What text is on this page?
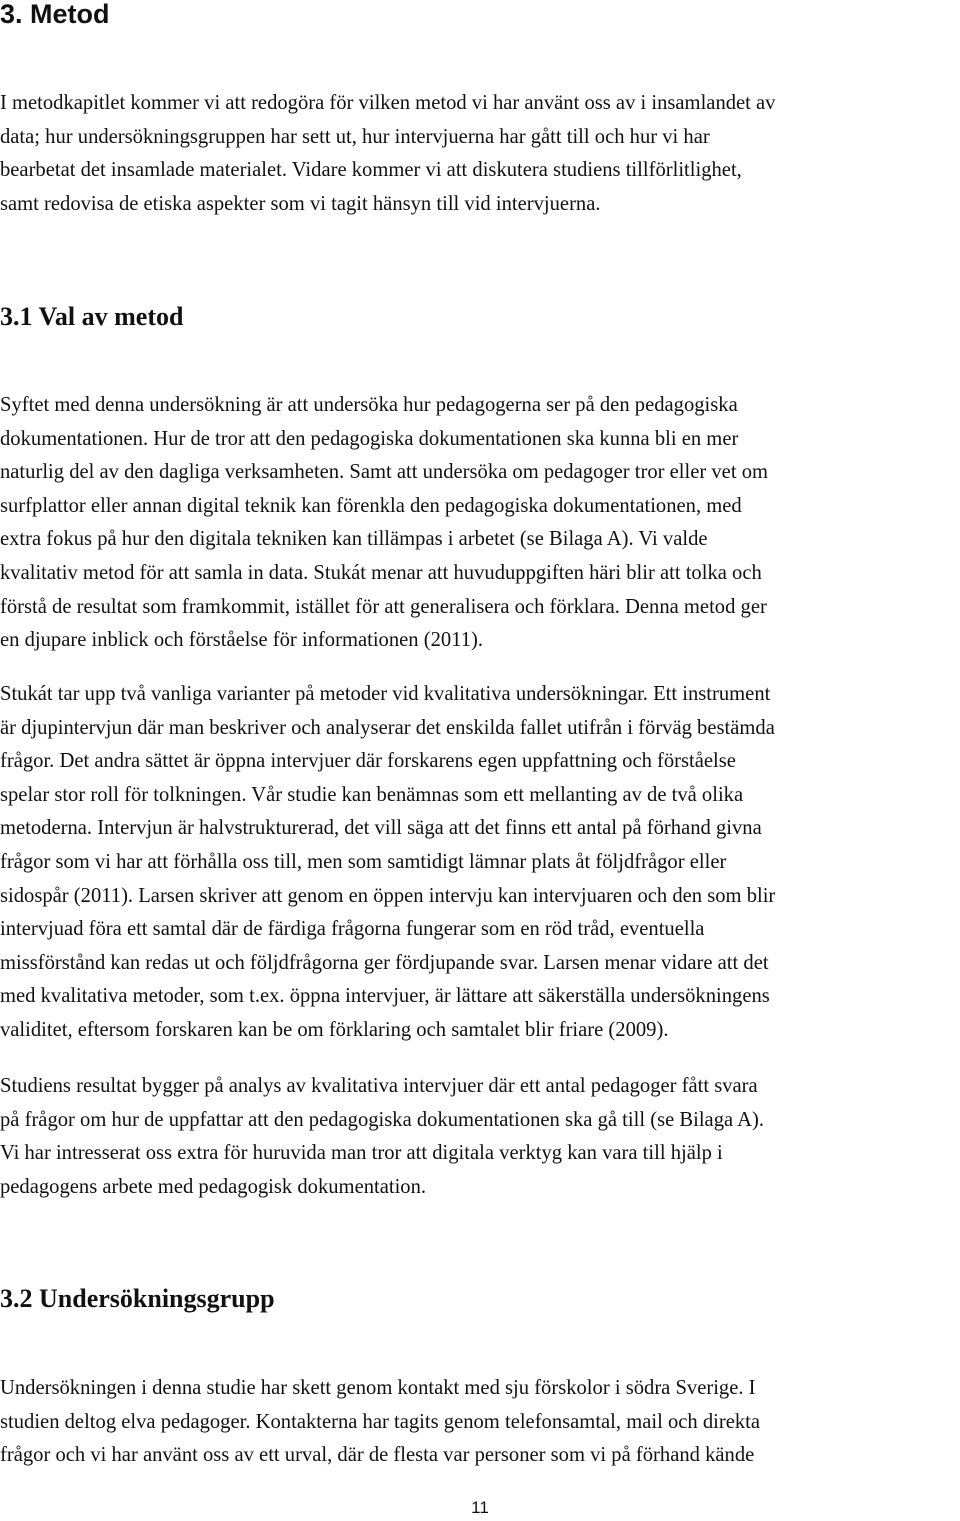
3. Metod
I metodkapitlet kommer vi att redogöra för vilken metod vi har använt oss av i insamlandet av
data; hur undersökningsgruppen har sett ut, hur intervjuerna har gått till och hur vi har
bearbetat det insamlade materialet. Vidare kommer vi att diskutera studiens tillförlitlighet,
samt redovisa de etiska aspekter som vi tagit hänsyn till vid intervjuerna.
3.1 Val av metod
Syftet med denna undersökning är att undersöka hur pedagogerna ser på den pedagogiska
dokumentationen. Hur de tror att den pedagogiska dokumentationen ska kunna bli en mer
naturlig del av den dagliga verksamheten. Samt att undersöka om pedagoger tror eller vet om
surfplattor eller annan digital teknik kan förenkla den pedagogiska dokumentationen, med
extra fokus på hur den digitala tekniken kan tillämpas i arbetet (se Bilaga A). Vi valde
kvalitativ metod för att samla in data. Stukát menar att huvuduppgiften häri blir att tolka och
förstå de resultat som framkommit, istället för att generalisera och förklara. Denna metod ger
en djupare inblick och förståelse för informationen (2011).
Stukát tar upp två vanliga varianter på metoder vid kvalitativa undersökningar. Ett instrument
är djupintervjun där man beskriver och analyserar det enskilda fallet utifrån i förväg bestämda
frågor. Det andra sättet är öppna intervjuer där forskarens egen uppfattning och förståelse
spelar stor roll för tolkningen. Vår studie kan benämnas som ett mellanting av de två olika
metoderna. Intervjun är halvstrukturerad, det vill säga att det finns ett antal på förhand givna
frågor som vi har att förhålla oss till, men som samtidigt lämnar plats åt följdfrågor eller
sidospår (2011). Larsen skriver att genom en öppen intervju kan intervjuaren och den som blir
intervjuad föra ett samtal där de färdiga frågorna fungerar som en röd tråd, eventuella
missförstånd kan redas ut och följdfrågorna ger fördjupande svar. Larsen menar vidare att det
med kvalitativa metoder, som t.ex. öppna intervjuer, är lättare att säkerställa undersökningens
validitet, eftersom forskaren kan be om förklaring och samtalet blir friare (2009).
Studiens resultat bygger på analys av kvalitativa intervjuer där ett antal pedagoger fått svara
på frågor om hur de uppfattar att den pedagogiska dokumentationen ska gå till (se Bilaga A).
Vi har intresserat oss extra för huruvida man tror att digitala verktyg kan vara till hjälp i
pedagogens arbete med pedagogisk dokumentation.
3.2 Undersökningsgrupp
Undersökningen i denna studie har skett genom kontakt med sju förskolor i södra Sverige. I
studien deltog elva pedagoger. Kontakterna har tagits genom telefonsamtal, mail och direkta
frågor och vi har använt oss av ett urval, där de flesta var personer som vi på förhand kände
11
